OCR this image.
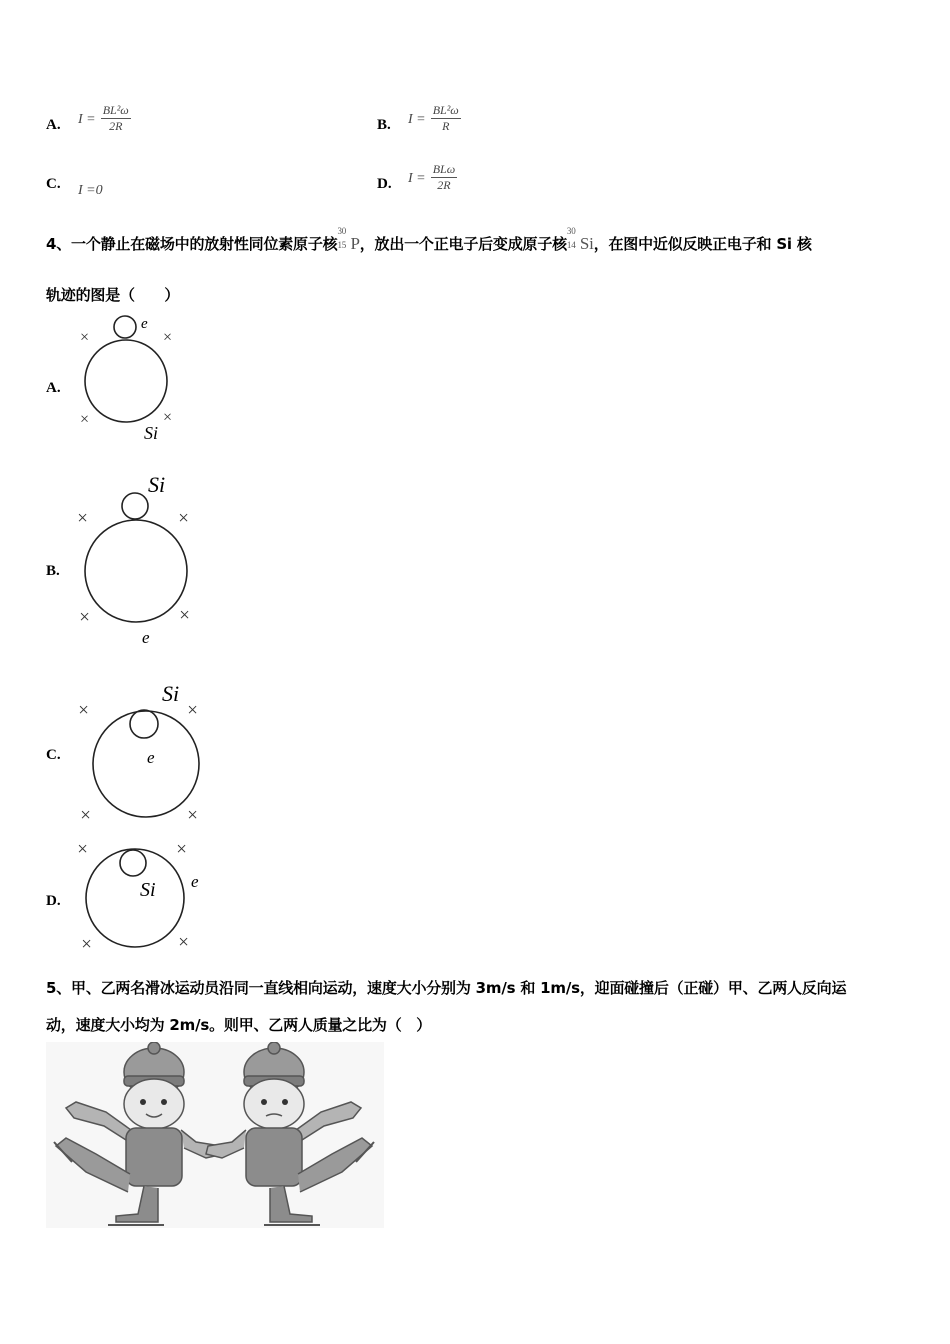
A. $I = \frac{\text{BL²ω}}{2R}$	B. $I = \frac{\text{BL²ω}}{R}$
C. I =0	D. $I = \frac{\text{BLω}}{2R}$
4、一个静止在磁场中的放射性同位素原子核
30
15 P，放出一个正电子后变成原子核
30
14 Si，在图中近似反映正电子和 Si 核
轨迹的图是（　　）
A.
e
Si
×	×
×	×
B.
Si
e
×	×
×	×
C.	e
Si
×	×
×	×
D.	Si e
×	×
×	×
5、甲、乙两名滑冰运动员沿同一直线相向运动，速度大小分别为 3m/s 和 1m/s，迎面碰撞后（正碰）甲、乙两人反向运
动，速度大小均为 2m/s。则甲、乙两人质量之比为（　）
